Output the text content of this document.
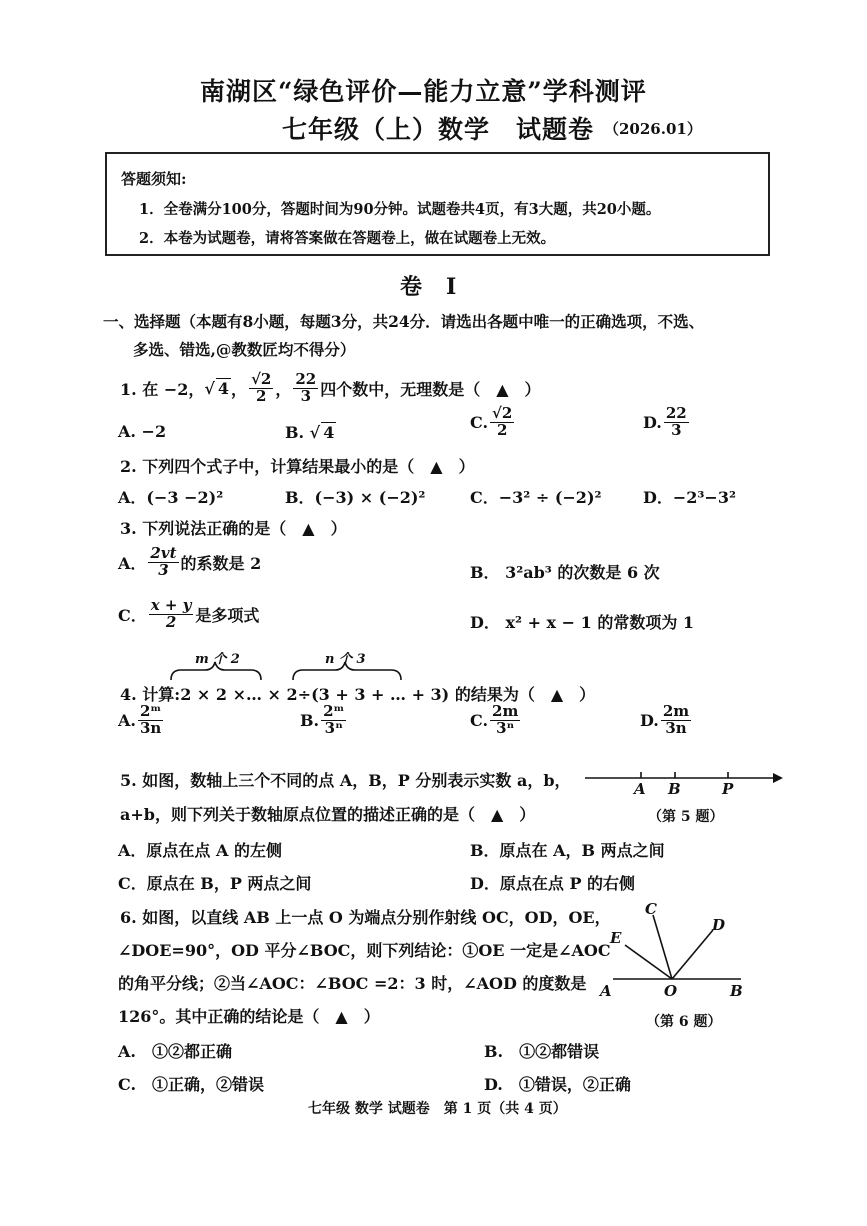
南湖区“绿色评价—能力立意”学科测评
七年级（上）数学　试题卷 （2026.01）
答题须知:
1．全卷满分100分，答题时间为90分钟。试题卷共4页，有3大题，共20小题。
2．本卷为试题卷，请将答案做在答题卷上，做在试题卷上无效。
卷　I
一、选择题（本题有8小题，每题3分，共24分．请选出各题中唯一的正确选项，不选、
多选、错选,@教数匠均不得分）
1. 在 −2， √ 4 ， $\frac{√2}{2}$ ， $\frac{22}{3}$ 四个数中，无理数是（　▲　）
A. −2	B. √ 4
C. $\frac{√2}{2}$	D. $\frac{22}{3}$
2. 下列四个式子中，计算结果最小的是（　▲　）
A．(−3 −2)²	B．(−3) × (−2)²	C．−3² ÷ (−2)²	D．−2³−3²
3. 下列说法正确的是（　▲　）
A． $\frac{2vt}{3}$ 的系数是 2	B． 3²ab³ 的次数是 6 次
C． $\frac{x + y}{2}$ 是多项式	D． x² + x − 1 的常数项为 1
m 个 2	n 个 3
4. 计算:2 × 2 ×… × 2÷(3 + 3 + … + 3) 的结果为（　▲　）
A. $\frac{\text{2ᵐ}}{3n}$	B. $\frac{\text{2ᵐ}}{\text{3ⁿ}}$	C. $\frac{2m}{\text{3ⁿ}}$	D. $\frac{2m}{3n}$
5. 如图，数轴上三个不同的点 A，B，P 分别表示实数 a，b，
a+b，则下列关于数轴原点位置的描述正确的是（　▲　）
A B	P
（第 5 题）
A．原点在点 A 的左侧	B．原点在 A，B 两点之间
C．原点在 B，P 两点之间	D．原点在点 P 的右侧
6. 如图，以直线 AB 上一点 O 为端点分别作射线 OC，OD，OE，
∠DOE=90°，OD 平分∠BOC，则下列结论：①OE 一定是∠AOC
的角平分线；②当∠AOC：∠BOC =2：3 时，∠AOD 的度数是
126°。其中正确的结论是（　▲　）
C
D
E
A	O	B
（第 6 题）
A.　①②都正确	B.　①②都错误
C.　①正确，②错误	D.　①错误，②正确
七年级 数学 试题卷　第 1 页（共 4 页）
